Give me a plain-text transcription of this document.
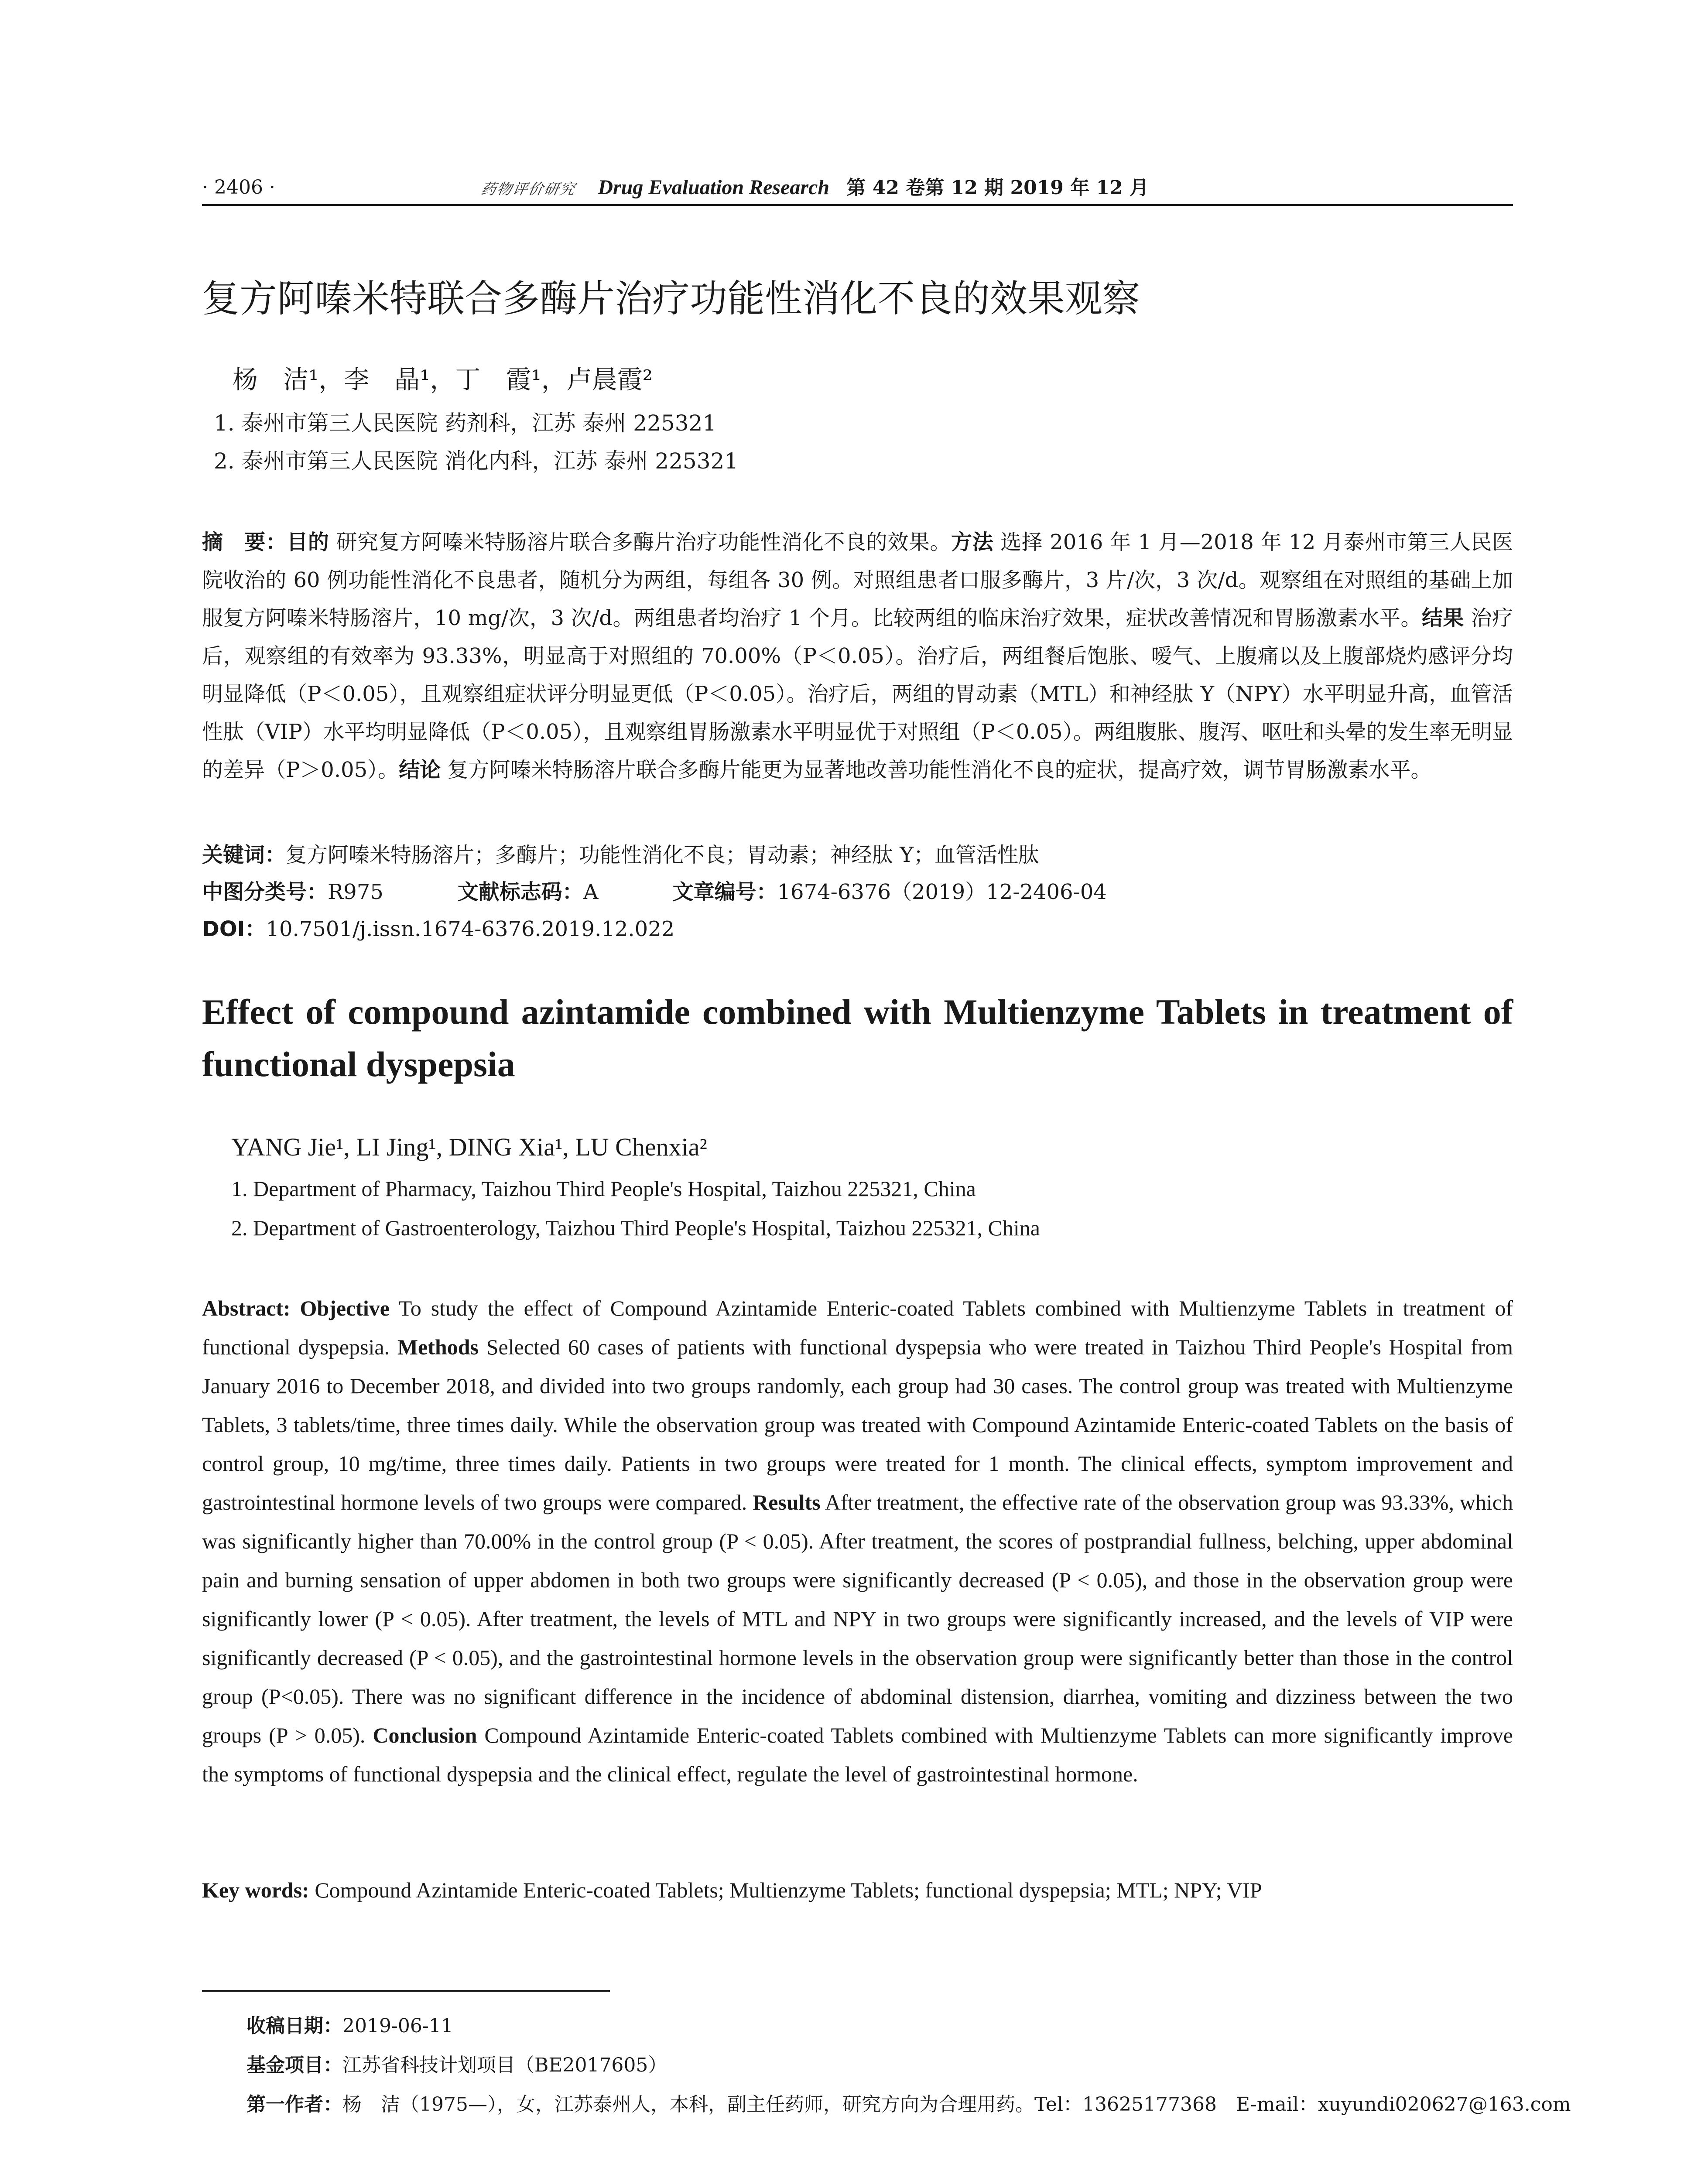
· 2406 ·	药物评价研究 Drug Evaluation Research 第 42 卷第 12 期 2019 年 12 月
复方阿嗪米特联合多酶片治疗功能性消化不良的效果观察
杨　洁¹，李　晶¹，丁　霞¹，卢晨霞²
1. 泰州市第三人民医院 药剂科，江苏 泰州 225321
2. 泰州市第三人民医院 消化内科，江苏 泰州 225321
摘　要：目的 研究复方阿嗪米特肠溶片联合多酶片治疗功能性消化不良的效果。方法 选择 2016 年 1 月—2018 年 12 月泰州市第三人民医院收治的 60 例功能性消化不良患者，随机分为两组，每组各 30 例。对照组患者口服多酶片，3 片/次，3 次/d。观察组在对照组的基础上加服复方阿嗪米特肠溶片，10 mg/次，3 次/d。两组患者均治疗 1 个月。比较两组的临床治疗效果，症状改善情况和胃肠激素水平。结果 治疗后，观察组的有效率为 93.33%，明显高于对照组的 70.00%（P＜0.05）。治疗后，两组餐后饱胀、嗳气、上腹痛以及上腹部烧灼感评分均明显降低（P＜0.05），且观察组症状评分明显更低（P＜0.05）。治疗后，两组的胃动素（MTL）和神经肽 Y（NPY）水平明显升高，血管活性肽（VIP）水平均明显降低（P＜0.05），且观察组胃肠激素水平明显优于对照组（P＜0.05）。两组腹胀、腹泻、呕吐和头晕的发生率无明显的差异（P＞0.05）。结论 复方阿嗪米特肠溶片联合多酶片能更为显著地改善功能性消化不良的症状，提高疗效，调节胃肠激素水平。
关键词：复方阿嗪米特肠溶片；多酶片；功能性消化不良；胃动素；神经肽 Y；血管活性肽
中图分类号：R975	文献标志码：A	文章编号：1674-6376（2019）12-2406-04
DOI：10.7501/j.issn.1674-6376.2019.12.022
Effect of compound azintamide combined with Multienzyme Tablets in treatment of functional dyspepsia
YANG Jie¹, LI Jing¹, DING Xia¹, LU Chenxia²
1. Department of Pharmacy, Taizhou Third People's Hospital, Taizhou 225321, China
2. Department of Gastroenterology, Taizhou Third People's Hospital, Taizhou 225321, China
Abstract: Objective To study the effect of Compound Azintamide Enteric-coated Tablets combined with Multienzyme Tablets in treatment of functional dyspepsia. Methods Selected 60 cases of patients with functional dyspepsia who were treated in Taizhou Third People's Hospital from January 2016 to December 2018, and divided into two groups randomly, each group had 30 cases. The control group was treated with Multienzyme Tablets, 3 tablets/time, three times daily. While the observation group was treated with Compound Azintamide Enteric-coated Tablets on the basis of control group, 10 mg/time, three times daily. Patients in two groups were treated for 1 month. The clinical effects, symptom improvement and gastrointestinal hormone levels of two groups were compared. Results After treatment, the effective rate of the observation group was 93.33%, which was significantly higher than 70.00% in the control group (P < 0.05). After treatment, the scores of postprandial fullness, belching, upper abdominal pain and burning sensation of upper abdomen in both two groups were significantly decreased (P < 0.05), and those in the observation group were significantly lower (P < 0.05). After treatment, the levels of MTL and NPY in two groups were significantly increased, and the levels of VIP were significantly decreased (P < 0.05), and the gastrointestinal hormone levels in the observation group were significantly better than those in the control group (P<0.05). There was no significant difference in the incidence of abdominal distension, diarrhea, vomiting and dizziness between the two groups (P > 0.05). Conclusion Compound Azintamide Enteric-coated Tablets combined with Multienzyme Tablets can more significantly improve the symptoms of functional dyspepsia and the clinical effect, regulate the level of gastrointestinal hormone.
Key words: Compound Azintamide Enteric-coated Tablets; Multienzyme Tablets; functional dyspepsia; MTL; NPY; VIP
收稿日期：2019-06-11
基金项目：江苏省科技计划项目（BE2017605）
第一作者：杨　洁（1975—），女，江苏泰州人，本科，副主任药师，研究方向为合理用药。Tel：13625177368　E-mail：xuyundi020627@163.com
